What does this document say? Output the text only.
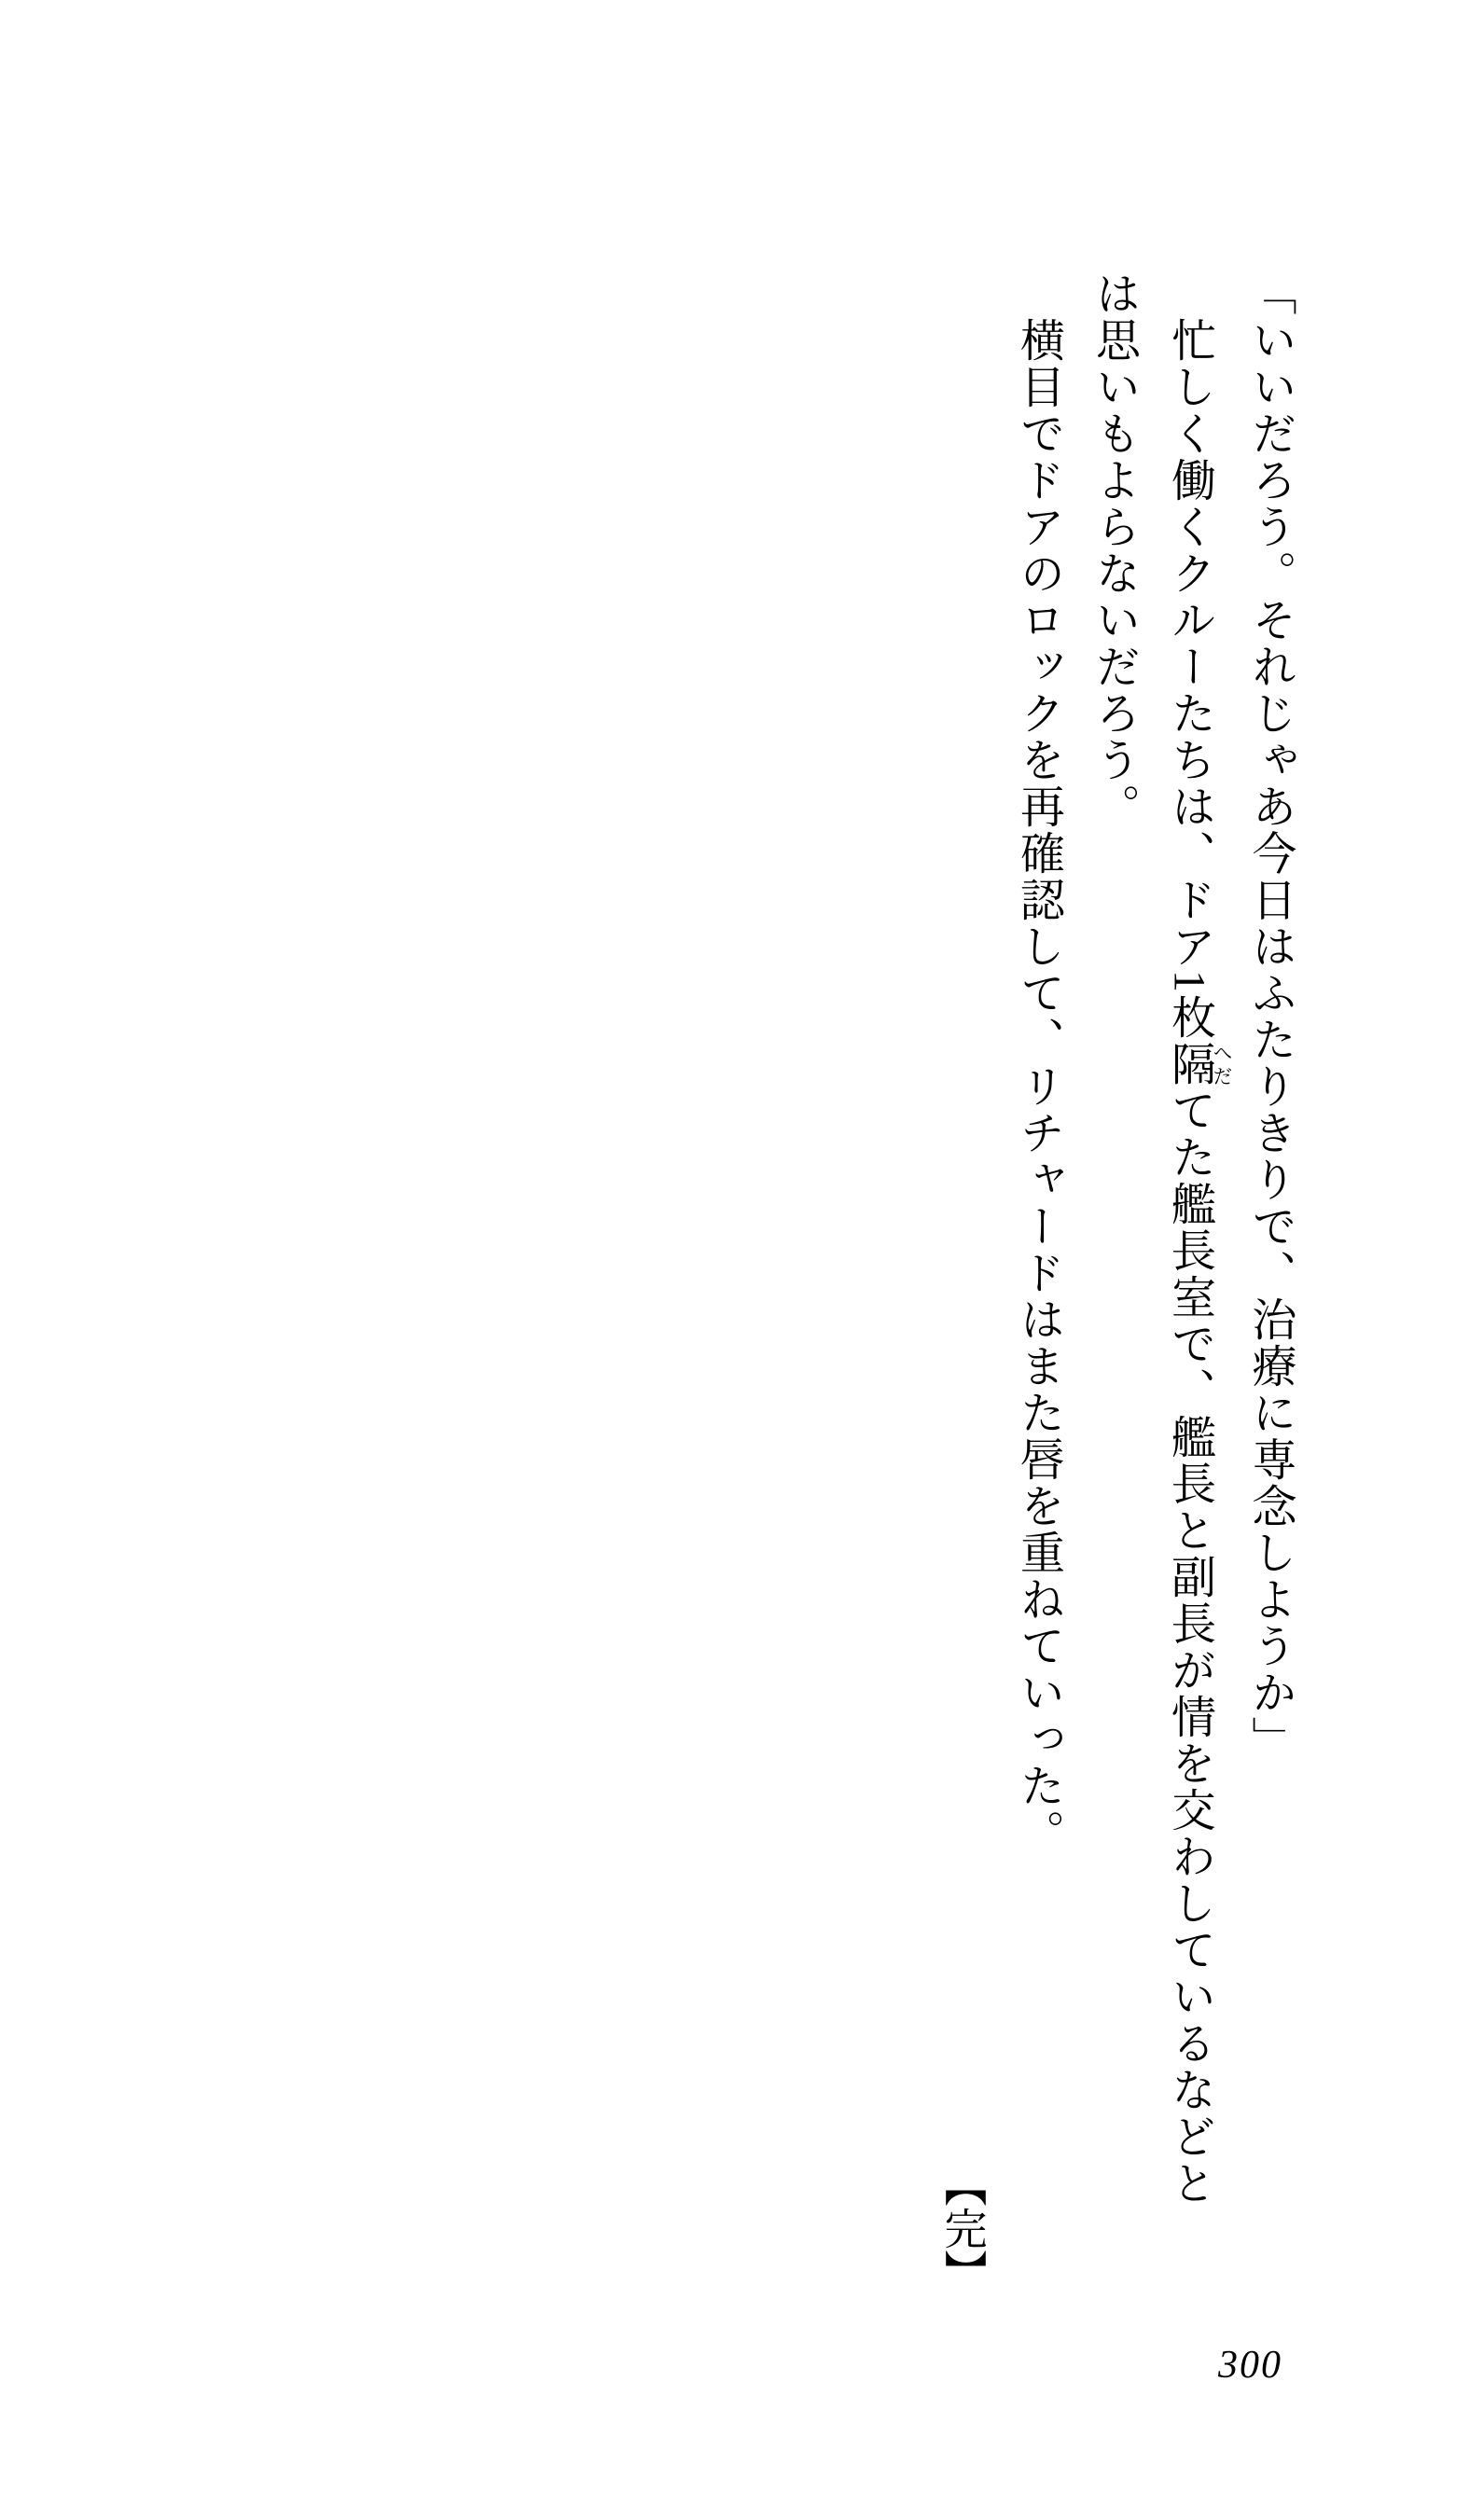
「いいだろう。それじゃあ今日はふたりきりで、治療に専念しようか」
忙しく働くクルーたちは、ドア1枚隔へだてた艦長室で、艦長と副長が情を交わしているなどと
は思いもよらないだろう。
横目でドアのロックを再確認して、リチャードはまた唇を重ねていった。
【完】
300
